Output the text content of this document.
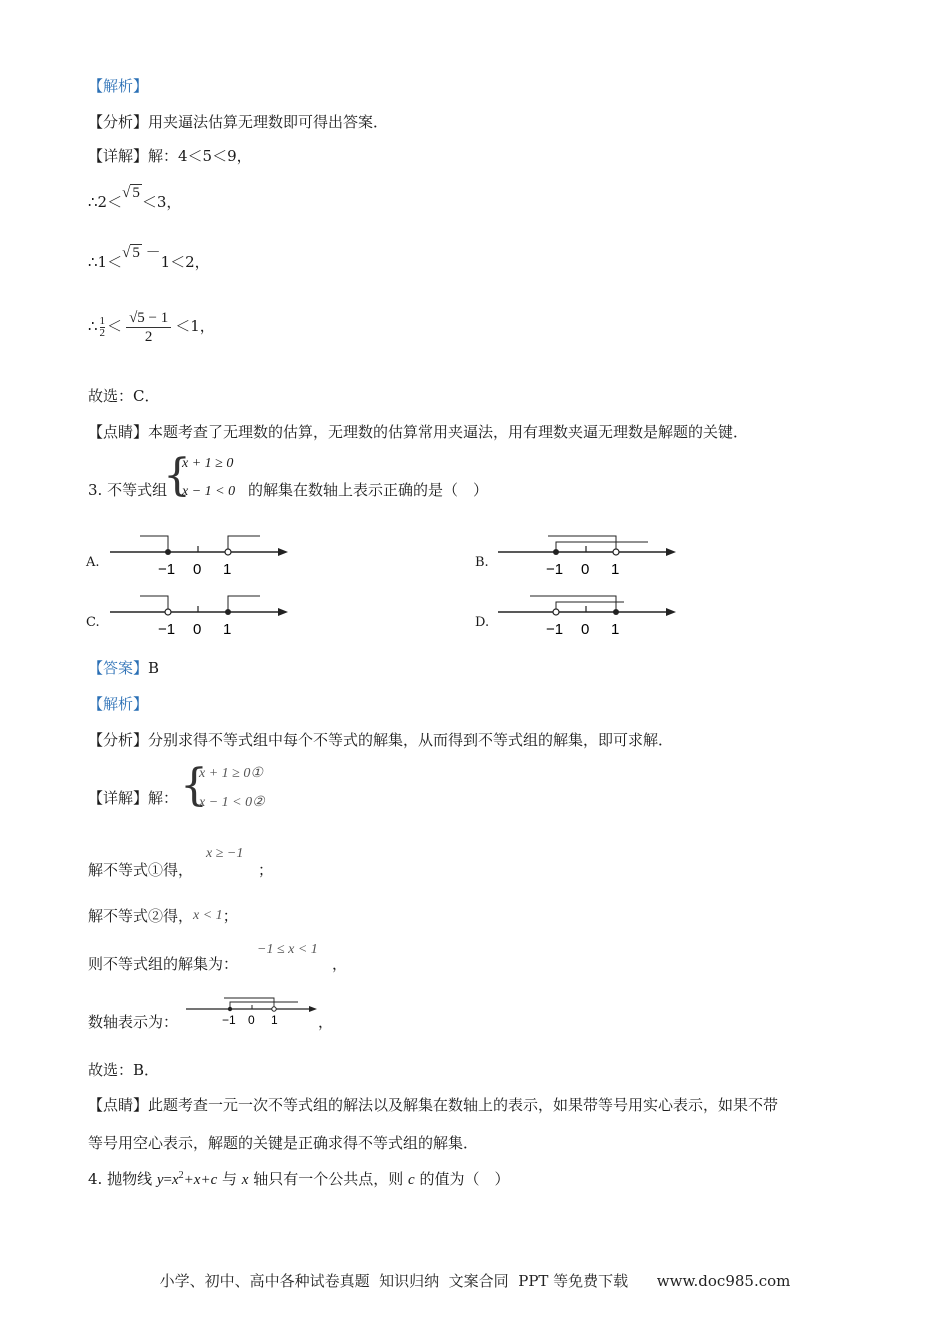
【解析】
【分析】用夹逼法估算无理数即可得出答案．
【详解】解：4＜5＜9，
∴2＜√ 5 ＜3，
∴1＜√ 5 －1＜2，
∴ $\frac{1}{2} < \frac{√5 - 1}{2} <1$，
故选：C．
【点睛】本题考查了无理数的估算，无理数的估算常用夹逼法，用有理数夹逼无理数是解题的关键．
3. 不等式组
{
x + 1 ≥ 0
x − 1 < 0 的解集在数轴上表示正确的是（　）
A.	−1 0 1	B.	−1 0 1
C.	−1 0 1	D.	−1 0 1
【答案】B
【解析】
【分析】分别求得不等式组中每个不等式的解集，从而得到不等式组的解集，即可求解．
【详解】解： {
x + 1 ≥ 0①
x − 1 < 0②
解不等式①得，
x ≥ −1
；
解不等式②得，x < 1；
则不等式组的解集为：
−1 ≤ x < 1
，
数轴表示为：	−1 0 1	，
故选：B．
【点睛】此题考查一元一次不等式组的解法以及解集在数轴上的表示，如果带等号用实心表示，如果不带
等号用空心表示，解题的关键是正确求得不等式组的解集．
4. 抛物线 $y=x^2+x+c$ 与 x 轴只有一个公共点，则 c 的值为（　）
小学、初中、高中各种试卷真题  知识归纳  文案合同  PPT 等免费下载      www.doc985.com
